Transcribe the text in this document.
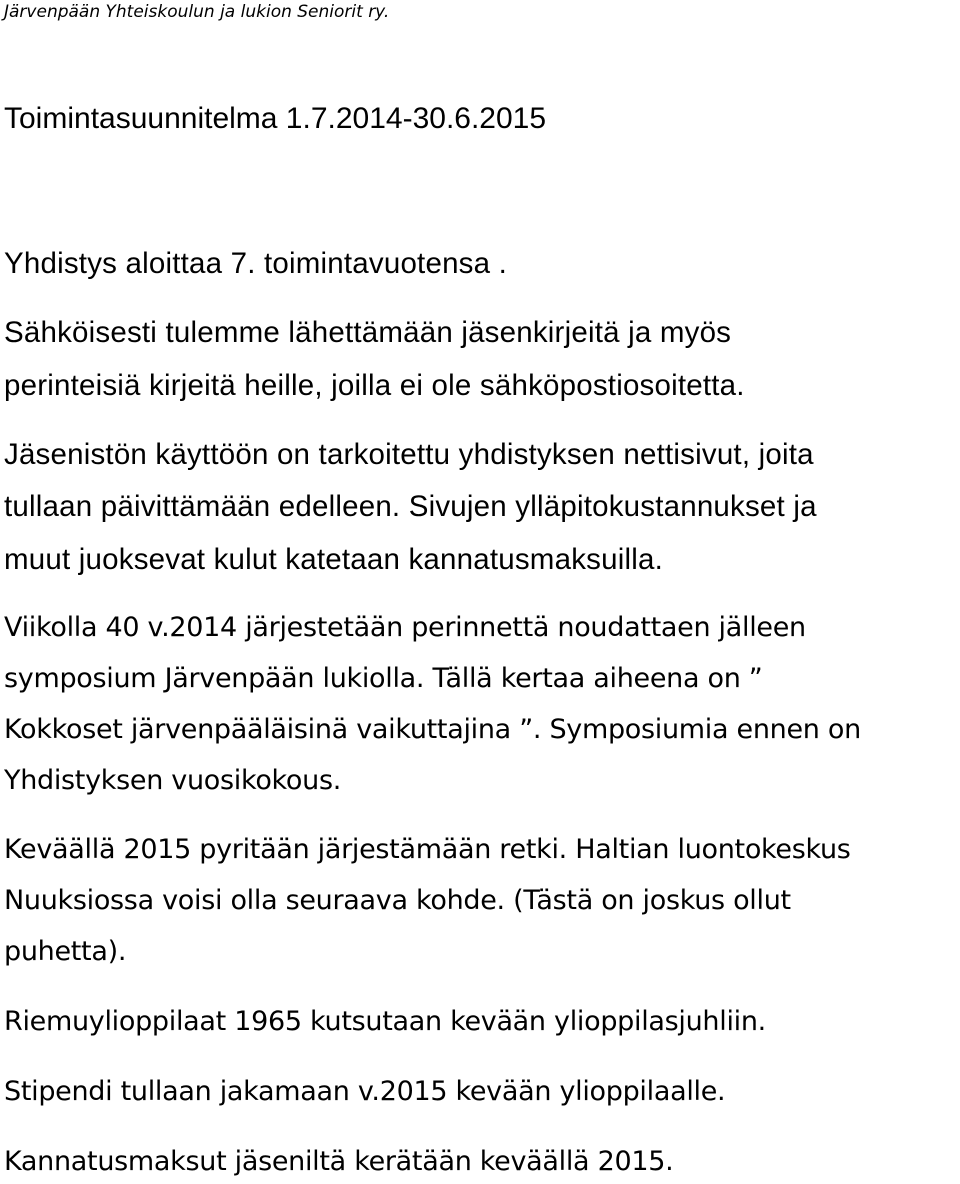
Järvenpään Yhteiskoulun ja lukion Seniorit ry.
Toimintasuunnitelma 1.7.2014-30.6.2015
Yhdistys aloittaa 7. toimintavuotensa .
Sähköisesti tulemme lähettämään jäsenkirjeitä ja myös
perinteisiä kirjeitä heille, joilla ei ole sähköpostiosoitetta.
Jäsenistön käyttöön on tarkoitettu yhdistyksen nettisivut, joita
tullaan päivittämään edelleen. Sivujen ylläpitokustannukset ja
muut juoksevat kulut katetaan kannatusmaksuilla.
Viikolla 40 v.2014 järjestetään perinnettä noudattaen jälleen
symposium Järvenpään lukiolla. Tällä kertaa aiheena on ”
Kokkoset järvenpääläisinä vaikuttajina ”. Symposiumia ennen on
Yhdistyksen vuosikokous.
Keväällä 2015 pyritään järjestämään retki. Haltian luontokeskus
Nuuksiossa voisi olla seuraava kohde. (Tästä on joskus ollut
puhetta).
Riemuylioppilaat 1965 kutsutaan kevään ylioppilasjuhliin.
Stipendi tullaan jakamaan v.2015 kevään ylioppilaalle.
Kannatusmaksut jäseniltä kerätään keväällä 2015.
